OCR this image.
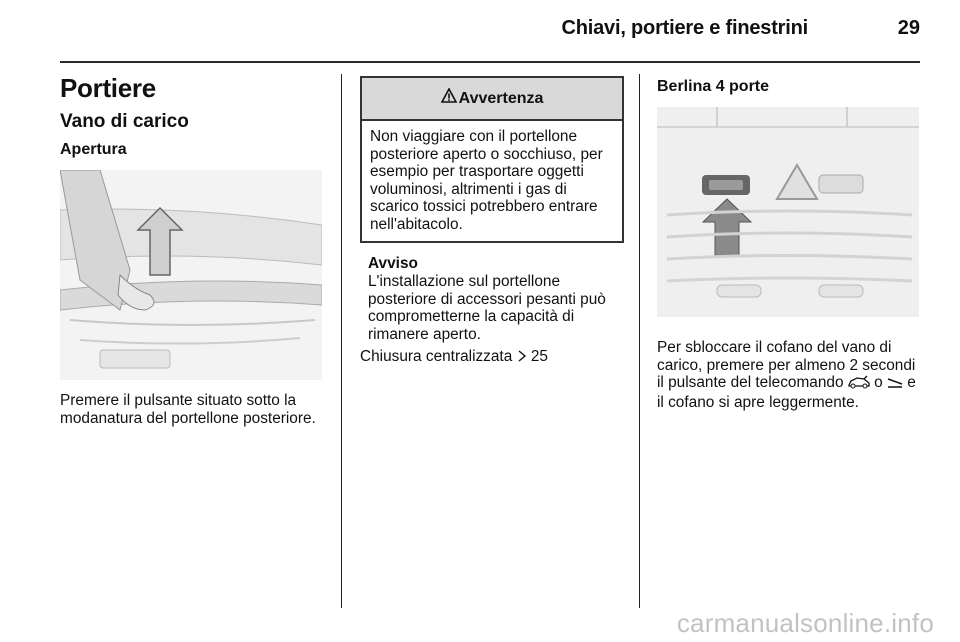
Chiavi, portiere e finestrini	29
Portiere
Vano di carico
Apertura

Premere il pulsante situato sotto la modanatura del portellone posteriore.

Avvertenza

Non viaggiare con il portellone posteriore aperto o socchiuso, per esempio per trasportare oggetti voluminosi, altrimenti i gas di scarico tossici potrebbero entrare nell'abitacolo.

Avviso

L'installazione sul portellone posteriore di accessori pesanti può comprometterne la capacità di rimanere aperto.

Chiusura centralizzata 25

Berlina 4 porte

Per sbloccare il cofano del vano di carico, premere per almeno 2 secondi il pulsante del telecomando o e il cofano si apre leggermente.

carmanualsonline.info
